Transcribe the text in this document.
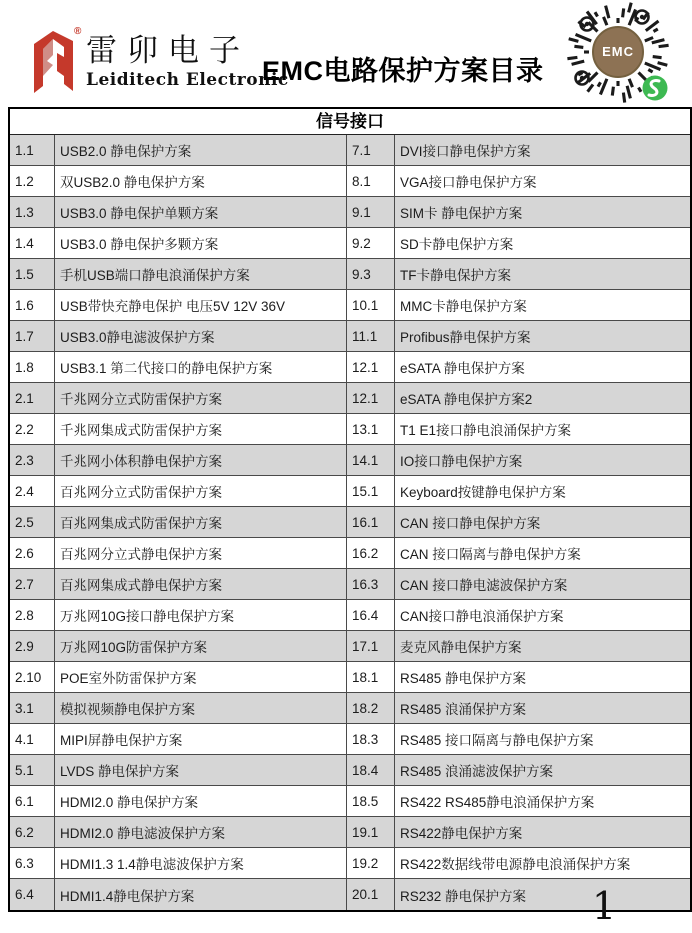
®
雷卯电子
Leiditech Electronic
EMC电路保护方案目录
EMC
信号接口
1.1	USB2.0 静电保护方案	7.1	DVI接口静电保护方案
1.2	双USB2.0 静电保护方案	8.1	VGA接口静电保护方案
1.3	USB3.0 静电保护单颗方案	9.1	SIM卡 静电保护方案
1.4	USB3.0 静电保护多颗方案	9.2	SD卡静电保护方案
1.5	手机USB端口静电浪涌保护方案	9.3	TF卡静电保护方案
1.6	USB带快充静电保护 电压5V 12V 36V	10.1	MMC卡静电保护方案
1.7	USB3.0静电滤波保护方案	11.1	Profibus静电保护方案
1.8	USB3.1 第二代接口的静电保护方案	12.1	eSATA 静电保护方案
2.1	千兆网分立式防雷保护方案	12.1	eSATA 静电保护方案2
2.2	千兆网集成式防雷保护方案	13.1	T1 E1接口静电浪涌保护方案
2.3	千兆网小体积静电保护方案	14.1	IO接口静电保护方案
2.4	百兆网分立式防雷保护方案	15.1	Keyboard按键静电保护方案
2.5	百兆网集成式防雷保护方案	16.1	CAN 接口静电保护方案
2.6	百兆网分立式静电保护方案	16.2	CAN 接口隔离与静电保护方案
2.7	百兆网集成式静电保护方案	16.3	CAN 接口静电滤波保护方案
2.8	万兆网10G接口静电保护方案	16.4	CAN接口静电浪涌保护方案
2.9	万兆网10G防雷保护方案	17.1	麦克风静电保护方案
2.10	POE室外防雷保护方案	18.1	RS485 静电保护方案
3.1	模拟视频静电保护方案	18.2	RS485 浪涌保护方案
4.1	MIPI屏静电保护方案	18.3	RS485 接口隔离与静电保护方案
5.1	LVDS 静电保护方案	18.4	RS485 浪涌滤波保护方案
6.1	HDMI2.0 静电保护方案	18.5	RS422 RS485静电浪涌保护方案
6.2	HDMI2.0 静电滤波保护方案	19.1	RS422静电保护方案
6.3	HDMI1.3 1.4静电滤波保护方案	19.2	RS422数据线带电源静电浪涌保护方案
6.4	HDMI1.4静电保护方案	20.1	RS232 静电保护方案	1
